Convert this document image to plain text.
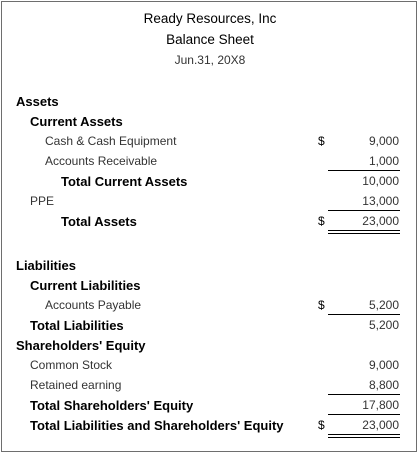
Ready Resources, Inc
Balance Sheet
Jun.31, 20X8
Assets
Current Assets
Cash & Cash Equipment	$	9,000
Accounts Receivable	1,000
Total Current Assets	10,000
PPE	13,000
Total Assets	$	23,000
Liabilities
Current Liabilities
Accounts Payable	$	5,200
Total Liabilities	5,200
Shareholders' Equity
Common Stock	9,000
Retained earning	8,800
Total Shareholders' Equity	17,800
Total Liabilities and Shareholders' Equity	$	23,000
